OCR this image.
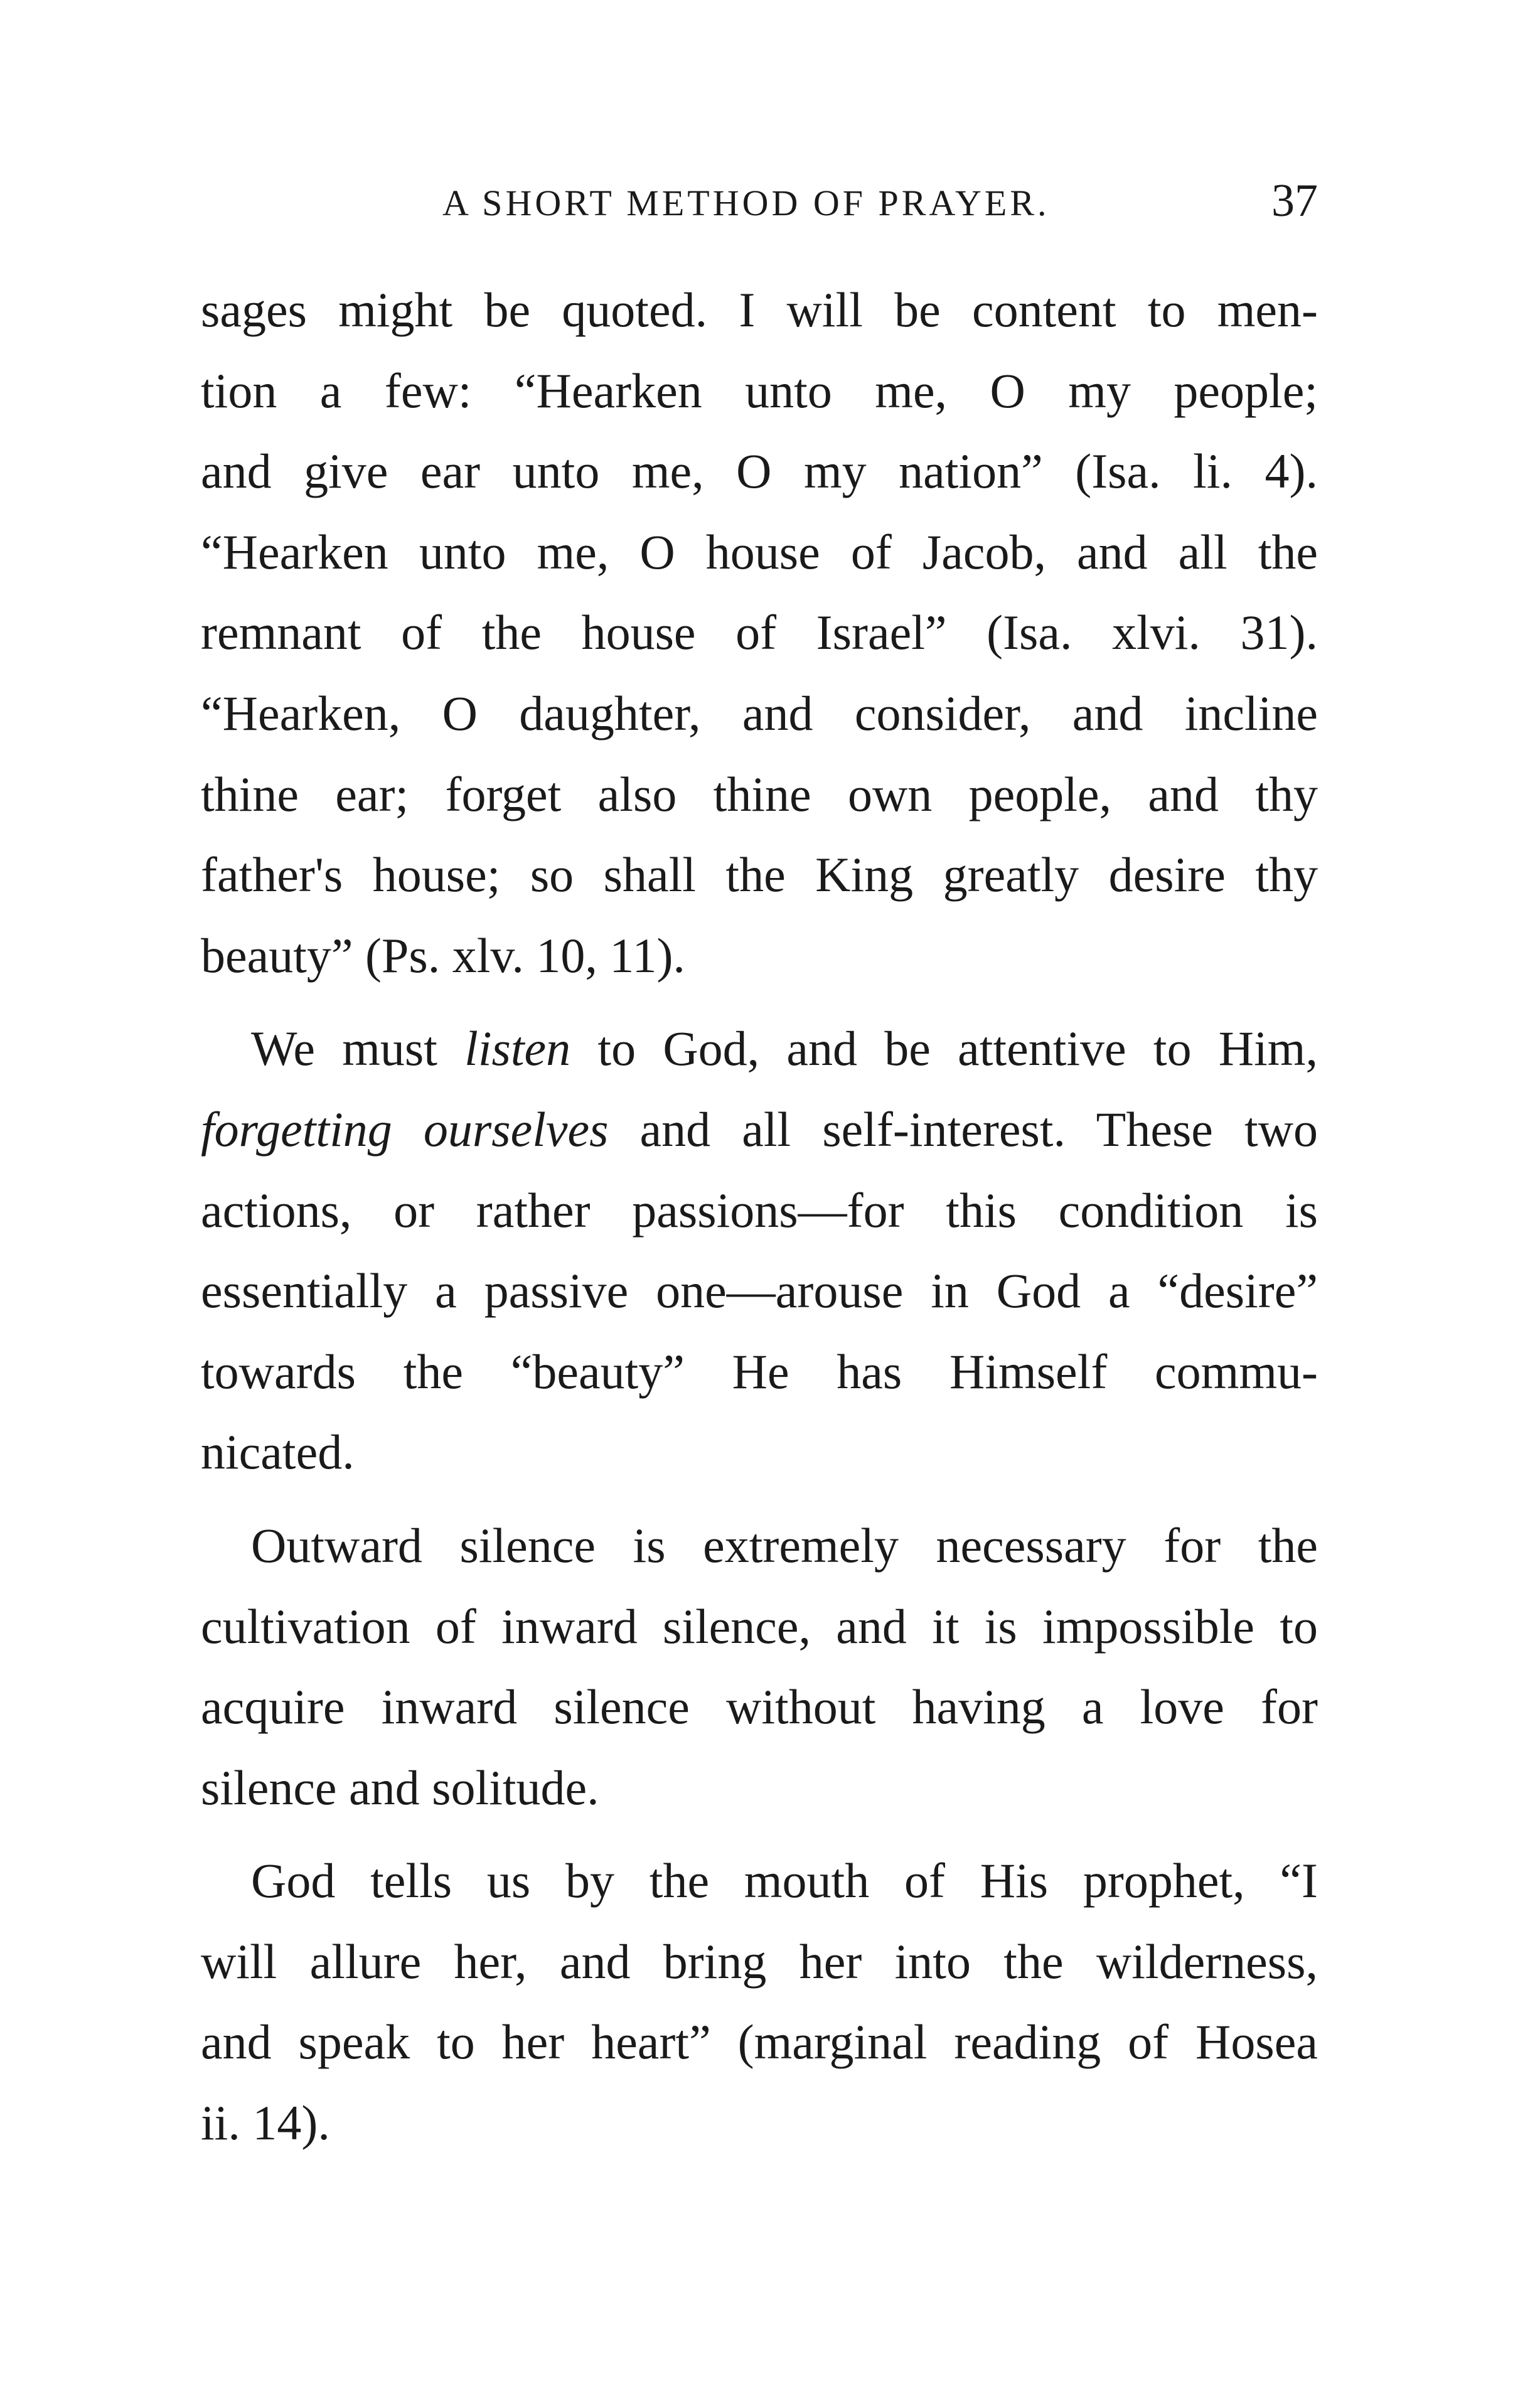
A SHORT METHOD OF PRAYER.	37
sages might be quoted. I will be content to men-
tion a few: “Hearken unto me, O my people;
and give ear unto me, O my nation” (Isa. li. 4).
“Hearken unto me, O house of Jacob, and all the
remnant of the house of Israel” (Isa. xlvi. 31).
“Hearken, O daughter, and consider, and incline
thine ear; forget also thine own people, and thy
father's house; so shall the King greatly desire thy
beauty” (Ps. xlv. 10, 11).
We must listen to God, and be attentive to Him,
forgetting ourselves and all self-interest. These two
actions, or rather passions—for this condition is
essentially a passive one—arouse in God a “desire”
towards the “beauty” He has Himself commu-
nicated.
Outward silence is extremely necessary for the
cultivation of inward silence, and it is impossible to
acquire inward silence without having a love for
silence and solitude.
God tells us by the mouth of His prophet, “I
will allure her, and bring her into the wilderness,
and speak to her heart” (marginal reading of Hosea
ii. 14).
